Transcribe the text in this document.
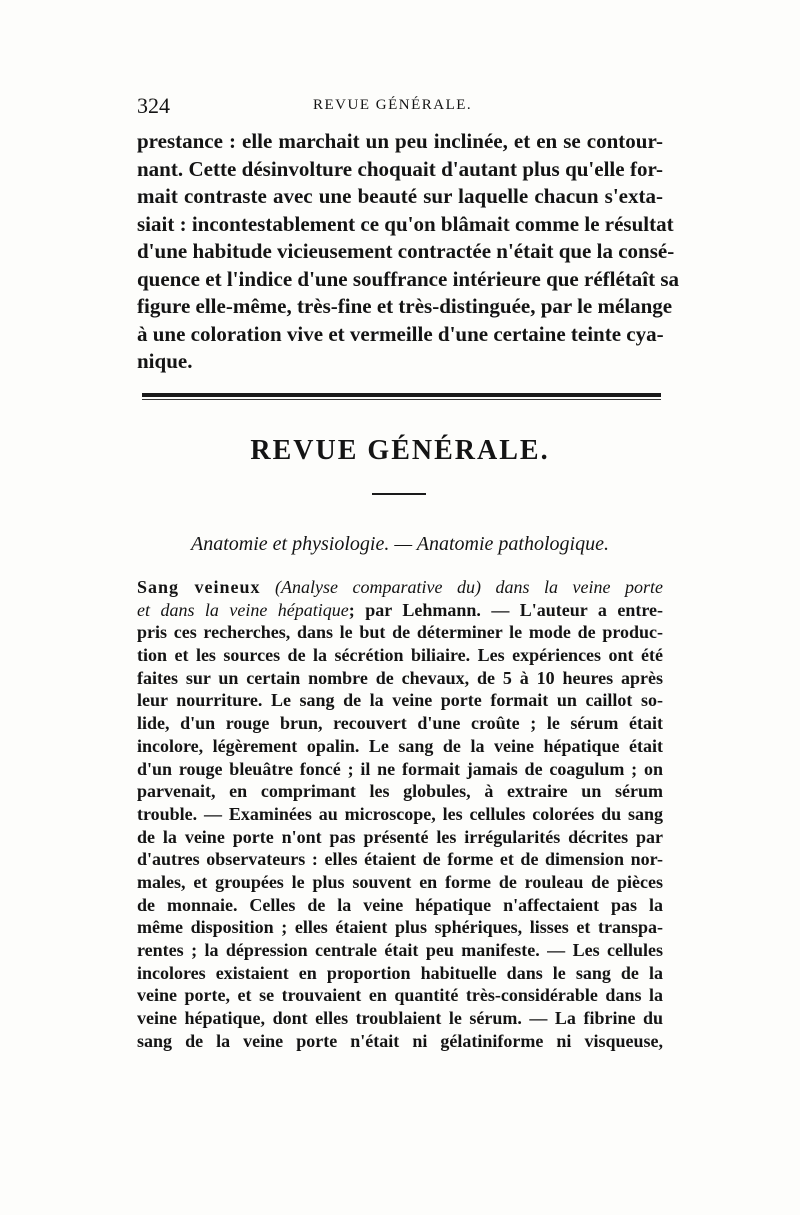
324	REVUE GÉNÉRALE.
prestance : elle marchait un peu inclinée, et en se contour-
nant. Cette désinvolture choquait d'autant plus qu'elle for-
mait contraste avec une beauté sur laquelle chacun s'exta-
siait : incontestablement ce qu'on blâmait comme le résultat
d'une habitude vicieusement contractée n'était que la consé-
quence et l'indice d'une souffrance intérieure que réflétaît sa
figure elle-même, très-fine et très-distinguée, par le mélange
à une coloration vive et vermeille d'une certaine teinte cya-
nique.
REVUE GÉNÉRALE.
Anatomie et physiologie. — Anatomie pathologique.
Sang veineux (Analyse comparative du) dans la veine porte
et dans la veine hépatique; par Lehmann. — L'auteur a entre-
pris ces recherches, dans le but de déterminer le mode de produc-
tion et les sources de la sécrétion biliaire. Les expériences ont été
faites sur un certain nombre de chevaux, de 5 à 10 heures après
leur nourriture. Le sang de la veine porte formait un caillot so-
lide, d'un rouge brun, recouvert d'une croûte ; le sérum était
incolore, légèrement opalin. Le sang de la veine hépatique était
d'un rouge bleuâtre foncé ; il ne formait jamais de coagulum ; on
parvenait, en comprimant les globules, à extraire un sérum
trouble. — Examinées au microscope, les cellules colorées du sang
de la veine porte n'ont pas présenté les irrégularités décrites par
d'autres observateurs : elles étaient de forme et de dimension nor-
males, et groupées le plus souvent en forme de rouleau de pièces
de monnaie. Celles de la veine hépatique n'affectaient pas la
même disposition ; elles étaient plus sphériques, lisses et transpa-
rentes ; la dépression centrale était peu manifeste. — Les cellules
incolores existaient en proportion habituelle dans le sang de la
veine porte, et se trouvaient en quantité très-considérable dans la
veine hépatique, dont elles troublaient le sérum. — La fibrine du
sang de la veine porte n'était ni gélatiniforme ni visqueuse,
